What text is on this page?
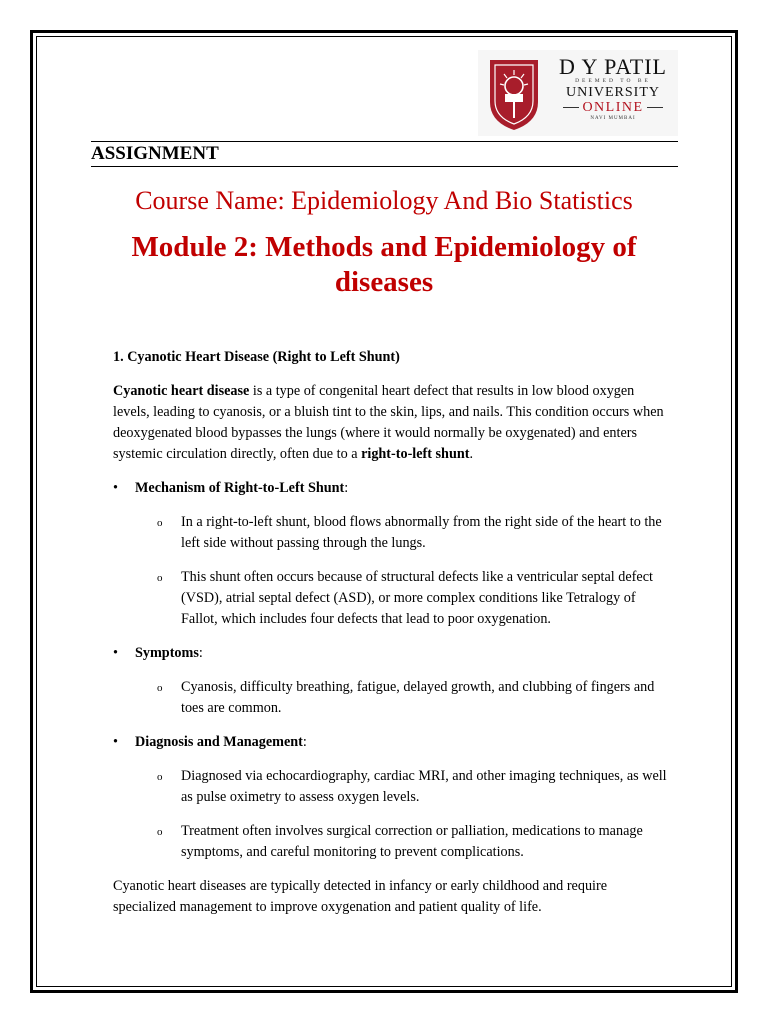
D Y PATIL
DEEMED TO BE
UNIVERSITY
ONLINE
NAVI MUMBAI
ASSIGNMENT
Course Name: Epidemiology And Bio Statistics
Module 2: Methods and Epidemiology of diseases
1. Cyanotic Heart Disease (Right to Left Shunt)

Cyanotic heart disease is a type of congenital heart defect that results in low blood oxygen levels, leading to cyanosis, or a bluish tint to the skin, lips, and nails. This condition occurs when deoxygenated blood bypasses the lungs (where it would normally be oxygenated) and enters systemic circulation directly, often due to a right-to-left shunt.

• Mechanism of Right-to-Left Shunt:
o In a right-to-left shunt, blood flows abnormally from the right side of the heart to the left side without passing through the lungs.
o This shunt often occurs because of structural defects like a ventricular septal defect (VSD), atrial septal defect (ASD), or more complex conditions like Tetralogy of Fallot, which includes four defects that lead to poor oxygenation.
• Symptoms:
o Cyanosis, difficulty breathing, fatigue, delayed growth, and clubbing of fingers and toes are common.
• Diagnosis and Management:
o Diagnosed via echocardiography, cardiac MRI, and other imaging techniques, as well as pulse oximetry to assess oxygen levels.
o Treatment often involves surgical correction or palliation, medications to manage symptoms, and careful monitoring to prevent complications.

Cyanotic heart diseases are typically detected in infancy or early childhood and require specialized management to improve oxygenation and patient quality of life.
